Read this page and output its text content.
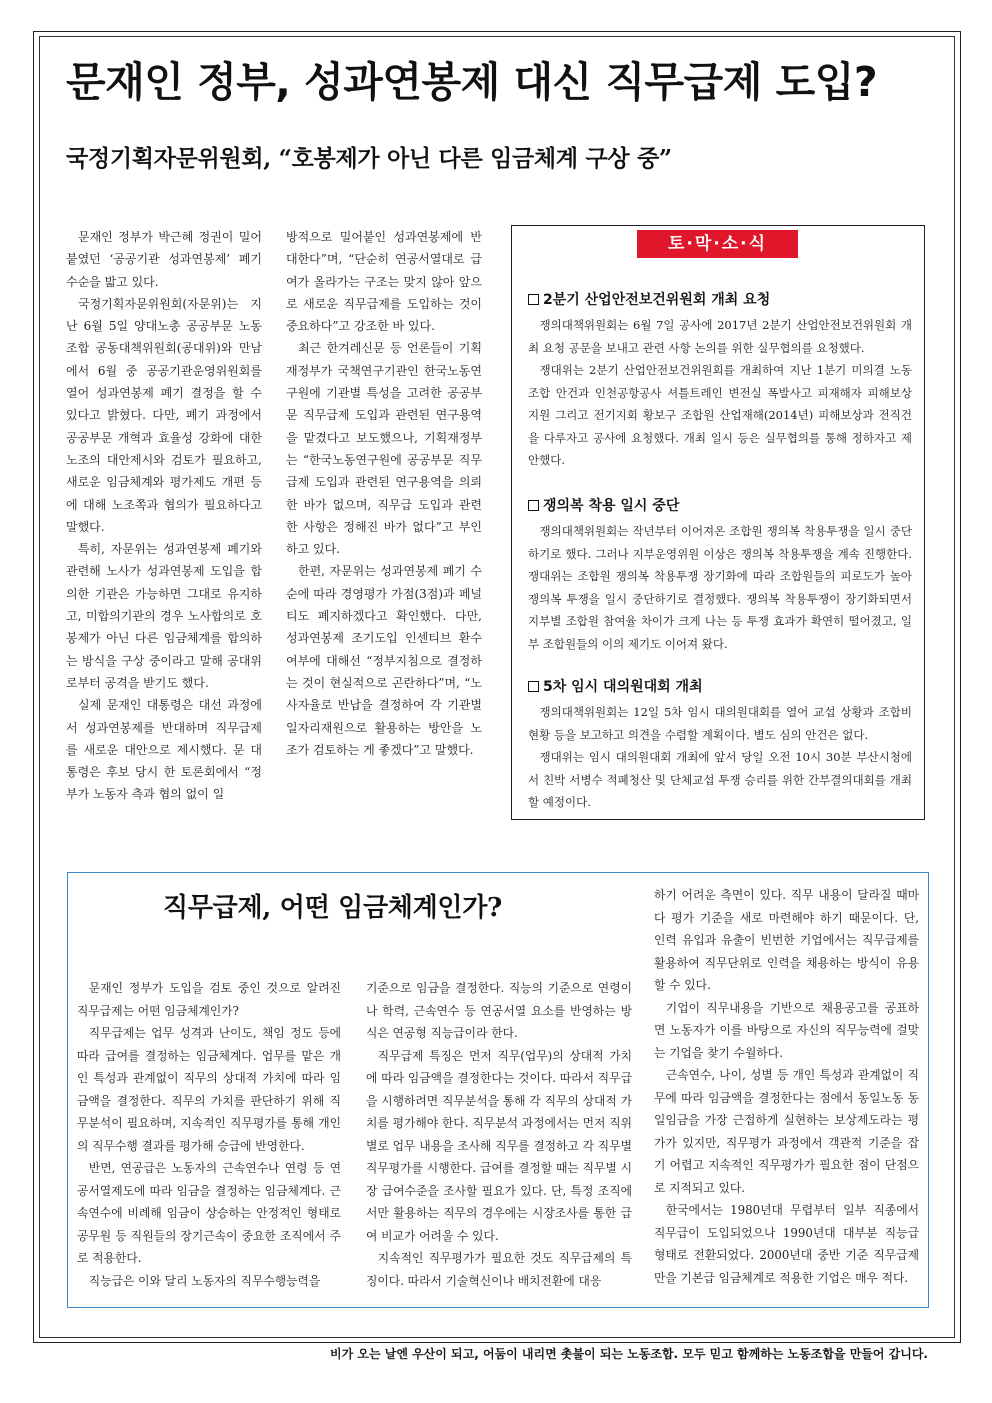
문재인 정부, 성과연봉제 대신 직무급제 도입?
국정기획자문위원회, “호봉제가 아닌 다른 임금체계 구상 중”

문재인 정부가 박근혜 정권이 밀어붙였던 ‘공공기관 성과연봉제’ 폐기 수순을 밟고 있다.

국정기획자문위원회(자문위)는 지난 6월 5일 양대노총 공공부문 노동조합 공동대책위원회(공대위)와 만남에서 6월 중 공공기관운영위원회를 열어 성과연봉제 폐기 결정을 할 수 있다고 밝혔다. 다만, 폐기 과정에서 공공부문 개혁과 효율성 강화에 대한 노조의 대안제시와 검토가 필요하고, 새로운 임금체계와 평가제도 개편 등에 대해 노조쪽과 협의가 필요하다고 말했다.

특히, 자문위는 성과연봉제 폐기와 관련해 노사가 성과연봉제 도입을 합의한 기관은 가능하면 그대로 유지하고, 미합의기관의 경우 노사합의로 호봉제가 아닌 다른 임금체계를 합의하는 방식을 구상 중이라고 말해 공대위로부터 공격을 받기도 했다.

실제 문재인 대통령은 대선 과정에서 성과연봉제를 반대하며 직무급제를 새로운 대안으로 제시했다. 문 대통령은 후보 당시 한 토론회에서 “정부가 노동자 측과 협의 없이 일

방적으로 밀어붙인 성과연봉제에 반대한다”며, “단순히 연공서열대로 급여가 올라가는 구조는 맞지 않아 앞으로 새로운 직무급제를 도입하는 것이 중요하다”고 강조한 바 있다.

최근 한겨레신문 등 언론들이 기획재정부가 국책연구기관인 한국노동연구원에 기관별 특성을 고려한 공공부문 직무급제 도입과 관련된 연구용역을 맡겼다고 보도했으나, 기획재정부는 “한국노동연구원에 공공부문 직무급제 도입과 관련된 연구용역을 의뢰한 바가 없으며, 직무급 도입과 관련한 사항은 정해진 바가 없다”고 부인하고 있다.

한편, 자문위는 성과연봉제 폐기 수순에 따라 경영평가 가점(3점)과 페널티도 폐지하겠다고 확인했다. 다만, 성과연봉제 조기도입 인센티브 환수 여부에 대해선 “정부지침으로 결정하는 것이 현실적으로 곤란하다”며, “노사자율로 반납을 결정하여 각 기관별 일자리재원으로 활용하는 방안을 노조가 검토하는 게 좋겠다”고 말했다.

토·막·소·식
2분기 산업안전보건위원회 개최 요청

쟁의대책위원회는 6월 7일 공사에 2017년 2분기 산업안전보건위원회 개최 요청 공문을 보내고 관련 사항 논의를 위한 실무협의를 요청했다.

쟁대위는 2분기 산업안전보건위원회를 개최하여 지난 1분기 미의결 노동조합 안건과 인천공항공사 셔틀트레인 변전실 폭발사고 피재해자 피해보상 지원 그리고 전기지회 황보구 조합원 산업재해(2014년) 피해보상과 전직건을 다루자고 공사에 요청했다. 개최 일시 등은 실무협의를 통해 정하자고 제안했다.

쟁의복 착용 일시 중단

쟁의대책위원회는 작년부터 이어져온 조합원 쟁의복 착용투쟁을 일시 중단하기로 했다. 그러나 지부운영위원 이상은 쟁의복 착용투쟁을 계속 진행한다. 쟁대위는 조합원 쟁의복 착용투쟁 장기화에 따라 조합원들의 피로도가 높아 쟁의복 투쟁을 일시 중단하기로 결정했다. 쟁의복 착용투쟁이 장기화되면서 지부별 조합원 참여율 차이가 크게 나는 등 투쟁 효과가 확연히 떨어졌고, 일부 조합원들의 이의 제기도 이어져 왔다.

5차 임시 대의원대회 개최

쟁의대책위원회는 12일 5차 임시 대의원대회를 열어 교섭 상황과 조합비 현황 등을 보고하고 의견을 수렴할 계획이다. 별도 심의 안건은 없다.

쟁대위는 임시 대의원대회 개최에 앞서 당일 오전 10시 30분 부산시청에서 친박 서병수 적폐청산 및 단체교섭 투쟁 승리를 위한 간부결의대회를 개최할 예정이다.

직무급제, 어떤 임금체계인가?

문재인 정부가 도입을 검토 중인 것으로 알려진 직무급제는 어떤 임금체계인가?

직무급제는 업무 성격과 난이도, 책임 정도 등에 따라 급여를 결정하는 임금체계다. 업무를 맡은 개인 특성과 관계없이 직무의 상대적 가치에 따라 임금액을 결정한다. 직무의 가치를 판단하기 위해 직무분석이 필요하며, 지속적인 직무평가를 통해 개인의 직무수행 결과를 평가해 승급에 반영한다.

반면, 연공급은 노동자의 근속연수나 연령 등 연공서열제도에 따라 임금을 결정하는 임금체계다. 근속연수에 비례해 임금이 상승하는 안정적인 형태로 공무원 등 직원들의 장기근속이 중요한 조직에서 주로 적용한다.

직능급은 이와 달리 노동자의 직무수행능력을

기준으로 임금을 결정한다. 직능의 기준으로 연령이나 학력, 근속연수 등 연공서열 요소를 반영하는 방식은 연공형 직능급이라 한다.

직무급제 특징은 먼저 직무(업무)의 상대적 가치에 따라 임금액을 결정한다는 것이다. 따라서 직무급을 시행하려면 직무분석을 통해 각 직무의 상대적 가치를 평가해야 한다. 직무분석 과정에서는 먼저 직위별로 업무 내용을 조사해 직무를 결정하고 각 직무별 직무평가를 시행한다. 급여를 결정할 때는 직무별 시장 급여수준을 조사할 필요가 있다. 단, 특정 조직에서만 활용하는 직무의 경우에는 시장조사를 통한 급여 비교가 어려울 수 있다.

지속적인 직무평가가 필요한 것도 직무급제의 특징이다. 따라서 기술혁신이나 배치전환에 대응

하기 어려운 측면이 있다. 직무 내용이 달라질 때마다 평가 기준을 새로 마련해야 하기 때문이다. 단, 인력 유입과 유출이 빈번한 기업에서는 직무급제를 활용하여 직무단위로 인력을 채용하는 방식이 유용할 수 있다.

기업이 직무내용을 기반으로 채용공고를 공표하면 노동자가 이를 바탕으로 자신의 직무능력에 걸맞는 기업을 찾기 수월하다.

근속연수, 나이, 성별 등 개인 특성과 관계없이 직무에 따라 임금액을 결정한다는 점에서 동일노동 동일임금을 가장 근접하게 실현하는 보상제도라는 평가가 있지만, 직무평가 과정에서 객관적 기준을 잡기 어렵고 지속적인 직무평가가 필요한 점이 단점으로 지적되고 있다.

한국에서는 1980년대 무렵부터 일부 직종에서 직무급이 도입되었으나 1990년대 대부분 직능급 형태로 전환되었다. 2000년대 중반 기준 직무급제만을 기본급 임금체계로 적용한 기업은 매우 적다.

비가 오는 날엔 우산이 되고, 어둠이 내리면 촛불이 되는 노동조합. 모두 믿고 함께하는 노동조합을 만들어 갑니다.
